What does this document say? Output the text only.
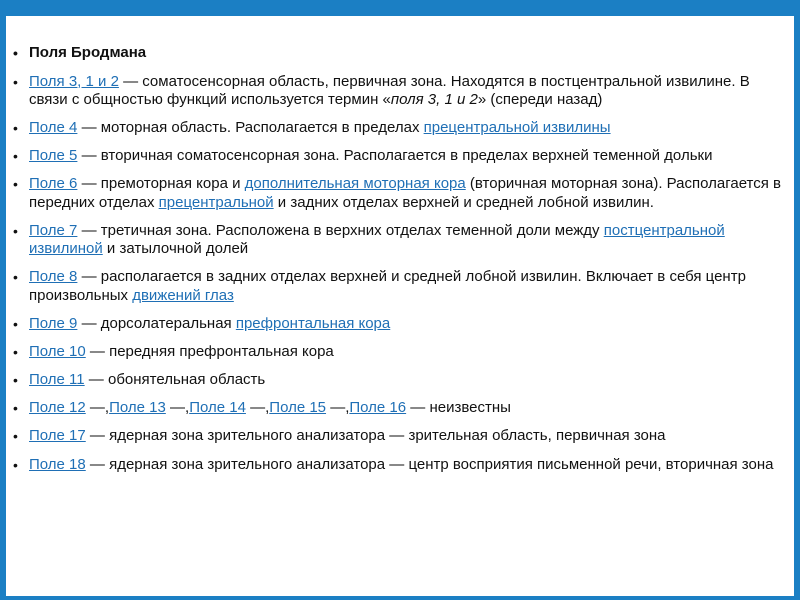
• Поля Бродмана
• Поля 3, 1 и 2 — соматосенсорная область, первичная зона. Находятся в постцентральной извилине. В связи с общностью функций используется термин «поля 3, 1 и 2» (спереди назад)
• Поле 4 — моторная область. Располагается в пределах прецентральной извилины
• Поле 5 — вторичная соматосенсорная зона. Располагается в пределах верхней теменной дольки
• Поле 6 — премоторная кора и дополнительная моторная кора (вторичная моторная зона). Располагается в передних отделах прецентральной и задних отделах верхней и средней лобной извилин.
• Поле 7 — третичная зона. Расположена в верхних отделах теменной доли между постцентральной извилиной и затылочной долей
• Поле 8 — располагается в задних отделах верхней и средней лобной извилин. Включает в себя центр произвольных движений глаз
• Поле 9 — дорсолатеральная префронтальная кора
• Поле 10 — передняя префронтальная кора
• Поле 11 — обонятельная область
• Поле 12 —,Поле 13 —,Поле 14 —,Поле 15 —,Поле 16 — неизвестны
• Поле 17 — ядерная зона зрительного анализатора — зрительная область, первичная зона
• Поле 18 — ядерная зона зрительного анализатора — центр восприятия письменной речи, вторичная зона
